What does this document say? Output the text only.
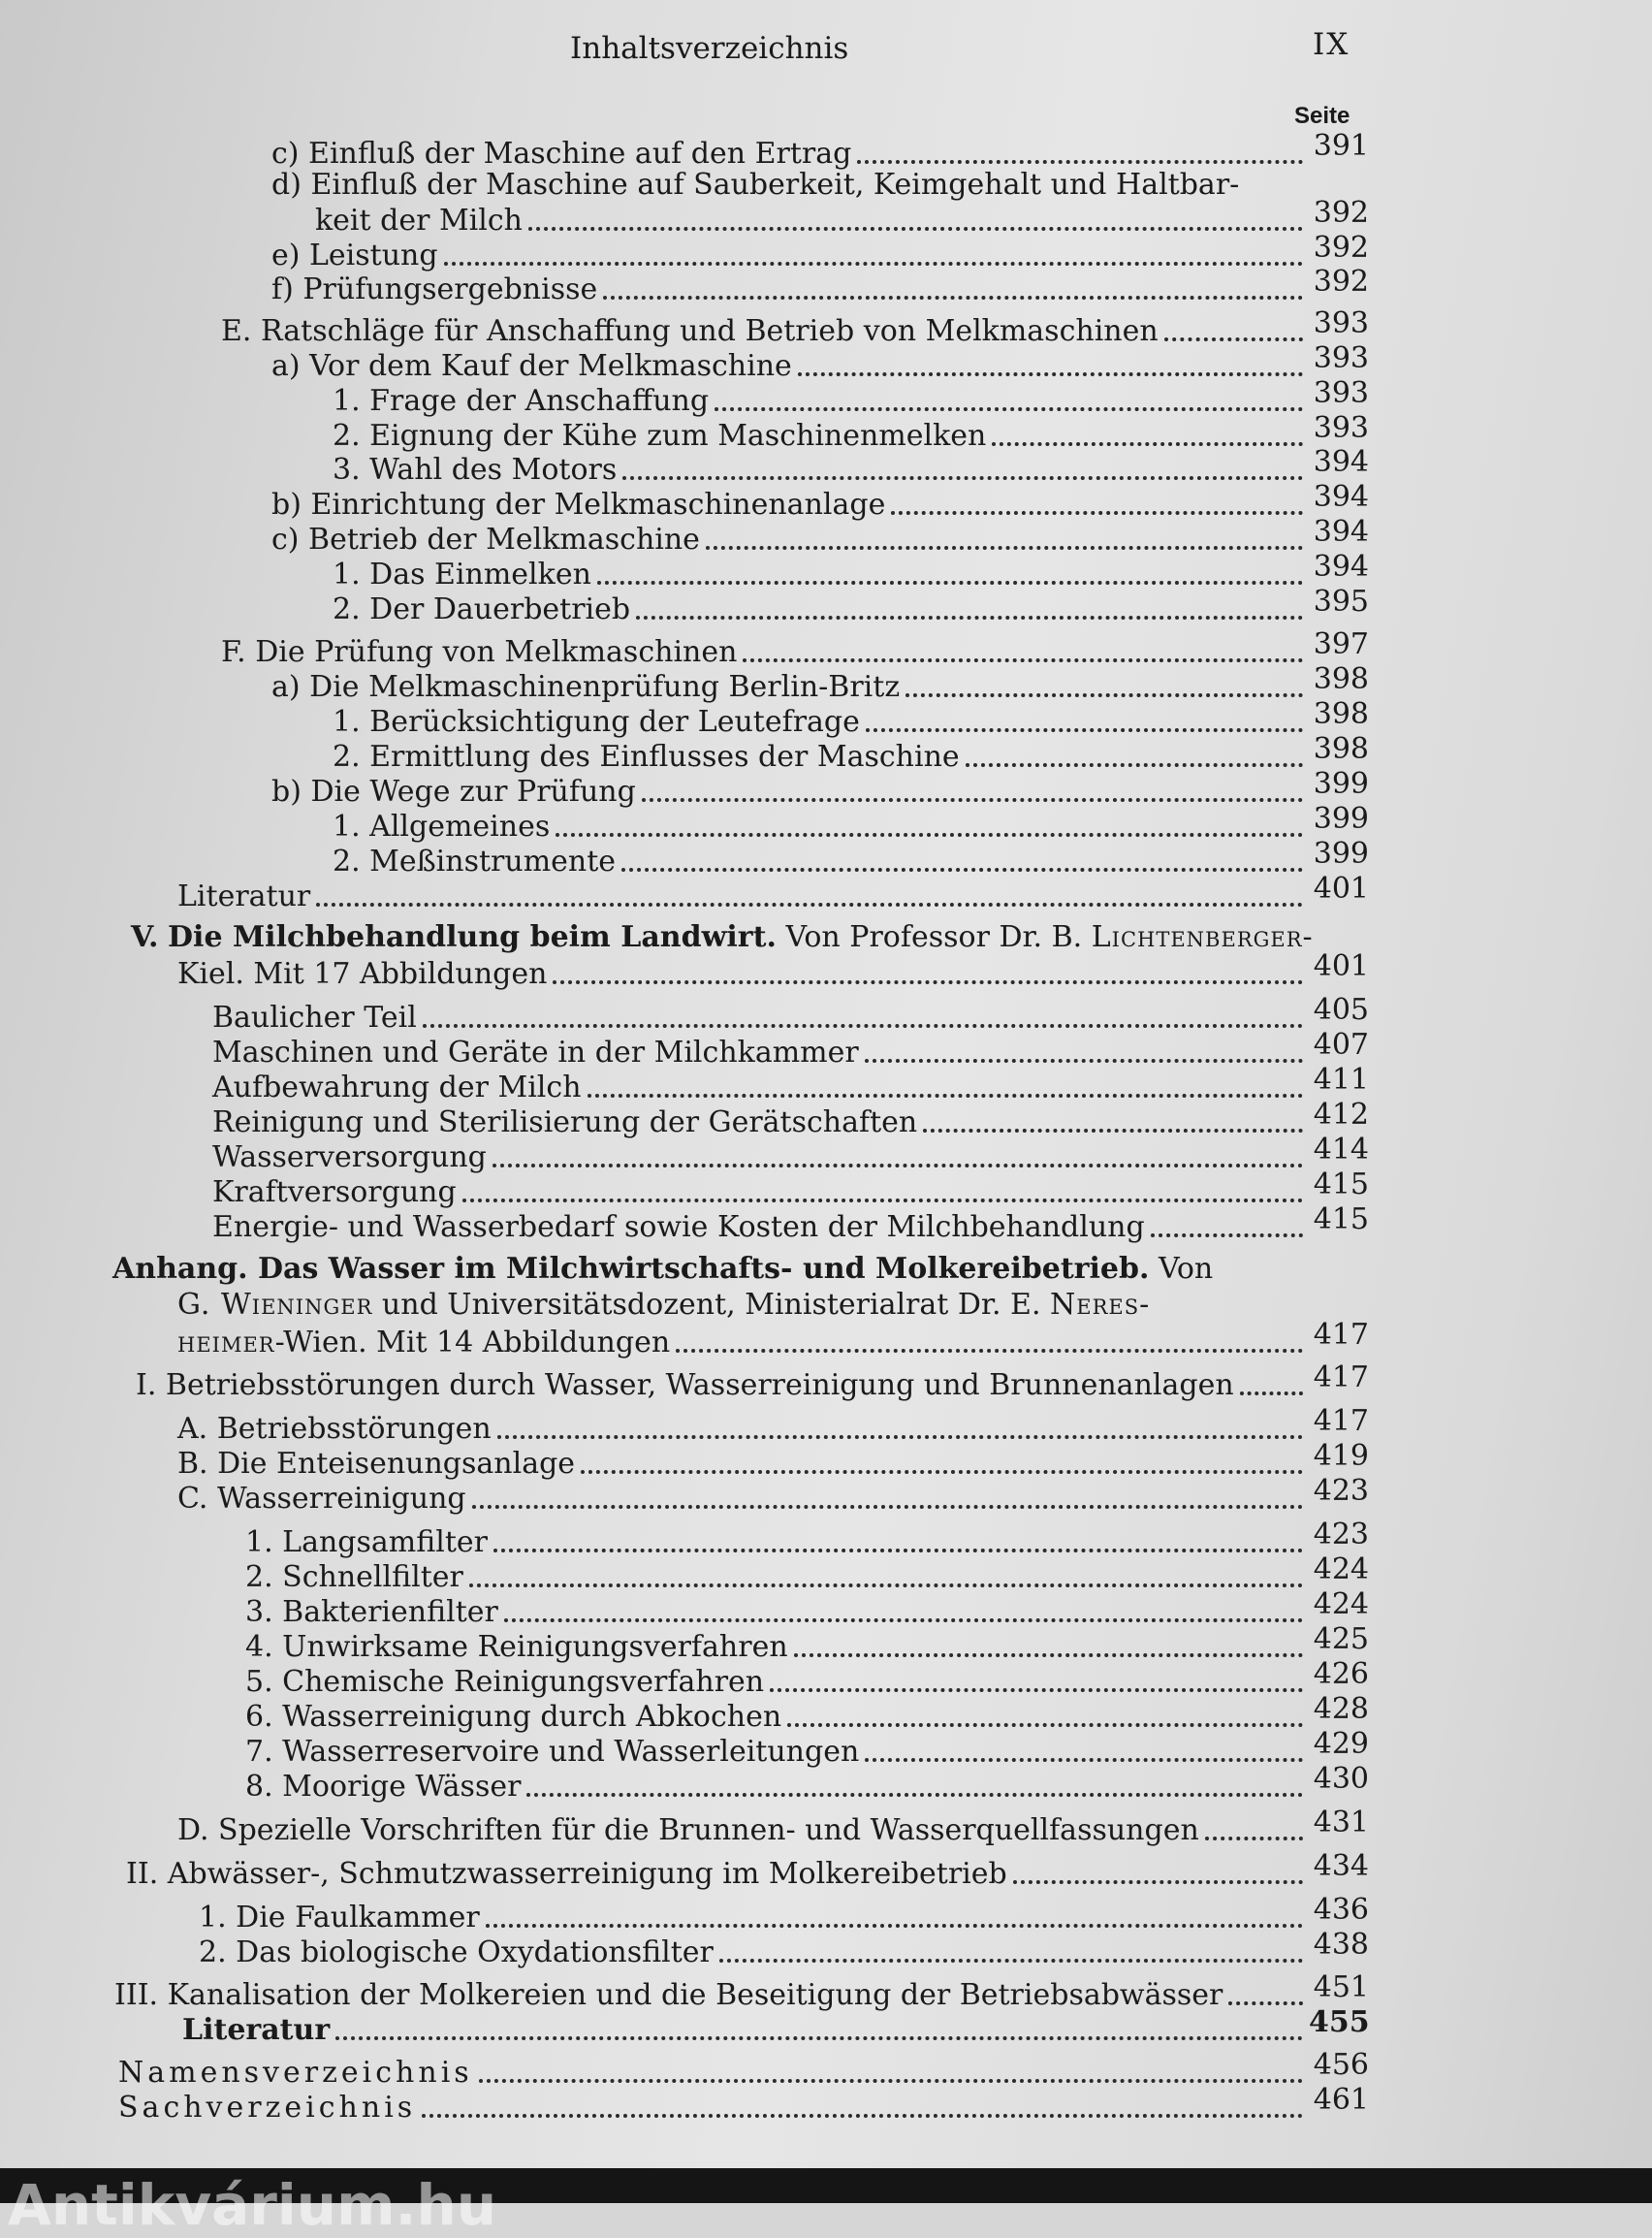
Inhaltsverzeichnis	IX
Seite
c) Einfluß der Maschine auf den Ertrag	391
d) Einfluß der Maschine auf Sauberkeit, Keimgehalt und Haltbar-
keit der Milch	392
e) Leistung	392
f) Prüfungsergebnisse	392
E. Ratschläge für Anschaffung und Betrieb von Melkmaschinen	393
a) Vor dem Kauf der Melkmaschine	393
1. Frage der Anschaffung	393
2. Eignung der Kühe zum Maschinenmelken	393
3. Wahl des Motors	394
b) Einrichtung der Melkmaschinenanlage	394
c) Betrieb der Melkmaschine	394
1. Das Einmelken	394
2. Der Dauerbetrieb	395
F. Die Prüfung von Melkmaschinen	397
a) Die Melkmaschinenprüfung Berlin-Britz	398
1. Berücksichtigung der Leutefrage	398
2. Ermittlung des Einflusses der Maschine	398
b) Die Wege zur Prüfung	399
1. Allgemeines	399
2. Meßinstrumente	399
Literatur	401
V. Die Milchbehandlung beim Landwirt. Von Professor Dr. B. Lichtenberger-
Kiel. Mit 17 Abbildungen	401
Baulicher Teil	405
Maschinen und Geräte in der Milchkammer	407
Aufbewahrung der Milch	411
Reinigung und Sterilisierung der Gerätschaften	412
Wasserversorgung	414
Kraftversorgung	415
Energie- und Wasserbedarf sowie Kosten der Milchbehandlung	415
Anhang. Das Wasser im Milchwirtschafts- und Molkereibetrieb. Von
G. Wieninger und Universitätsdozent, Ministerialrat Dr. E. Neres-
heimer-Wien. Mit 14 Abbildungen	417
I. Betriebsstörungen durch Wasser, Wasserreinigung und Brunnenanlagen	417
A. Betriebsstörungen	417
B. Die Enteisenungsanlage	419
C. Wasserreinigung	423
1. Langsamfilter	423
2. Schnellfilter	424
3. Bakterienfilter	424
4. Unwirksame Reinigungsverfahren	425
5. Chemische Reinigungsverfahren	426
6. Wasserreinigung durch Abkochen	428
7. Wasserreservoire und Wasserleitungen	429
8. Moorige Wässer	430
D. Spezielle Vorschriften für die Brunnen- und Wasserquellfassungen	431
II. Abwässer-, Schmutzwasserreinigung im Molkereibetrieb	434
1. Die Faulkammer	436
2. Das biologische Oxydationsfilter	438
III. Kanalisation der Molkereien und die Beseitigung der Betriebsabwässer	451
Literatur	455
Namensverzeichnis	456
Sachverzeichnis	461
Antikvárium.hu
